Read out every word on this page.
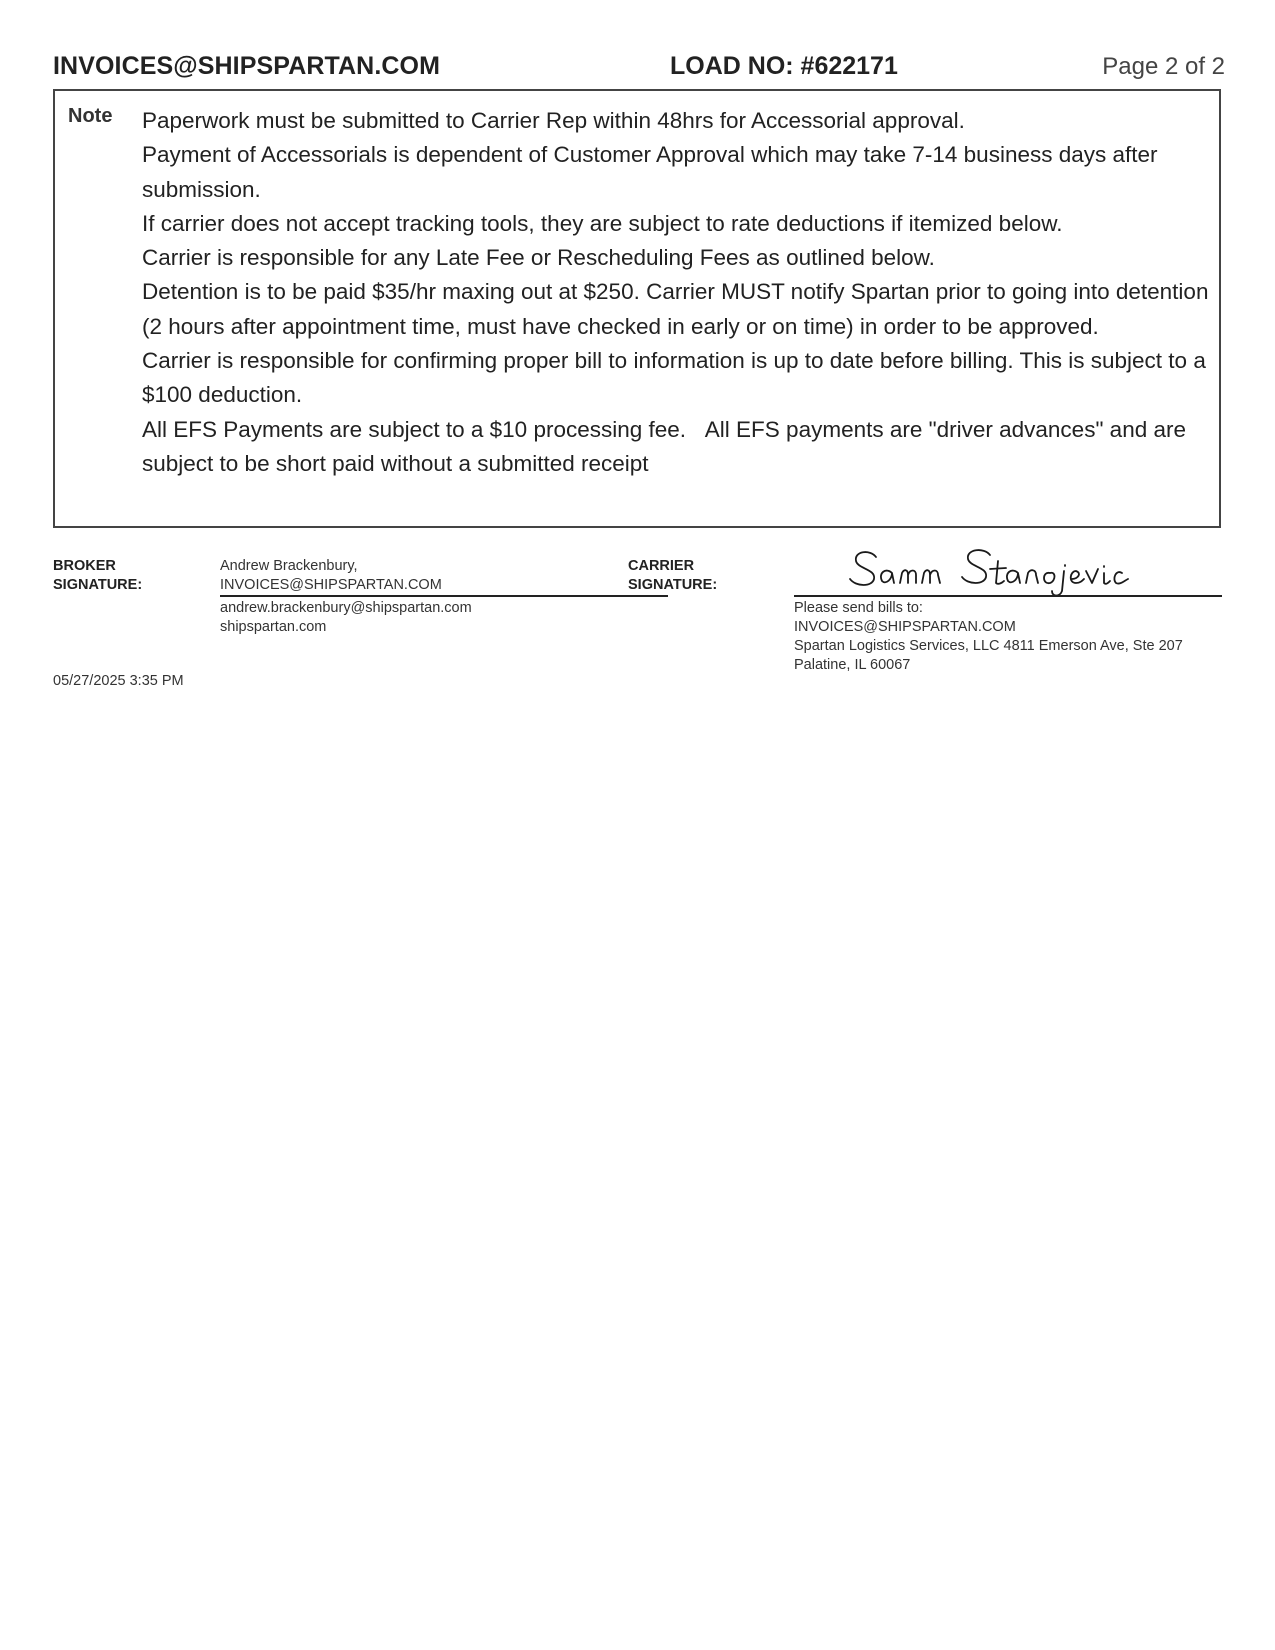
INVOICES@SHIPSPARTAN.COM	LOAD NO: #622171	Page 2 of 2
Note Paperwork must be submitted to Carrier Rep within 48hrs for Accessorial approval.

Payment of Accessorials is dependent of Customer Approval which may take 7-14 business days after submission.

If carrier does not accept tracking tools, they are subject to rate deductions if itemized below.

Carrier is responsible for any Late Fee or Rescheduling Fees as outlined below.

Detention is to be paid $35/hr maxing out at $250. Carrier MUST notify Spartan prior to going into detention (2 hours after appointment time, must have checked in early or on time) in order to be approved.

Carrier is responsible for confirming proper bill to information is up to date before billing. This is subject to a $100 deduction.

All EFS Payments are subject to a $10 processing fee.   All EFS payments are "driver advances" and are subject to be short paid without a submitted receipt

BROKER
SIGNATURE:
Andrew Brackenbury,
INVOICES@SHIPSPARTAN.COM
andrew.brackenbury@shipspartan.com
shipspartan.com
CARRIER
SIGNATURE:
Please send bills to:
INVOICES@SHIPSPARTAN.COM
Spartan Logistics Services, LLC 4811 Emerson Ave, Ste 207
Palatine, IL 60067
05/27/2025 3:35 PM
